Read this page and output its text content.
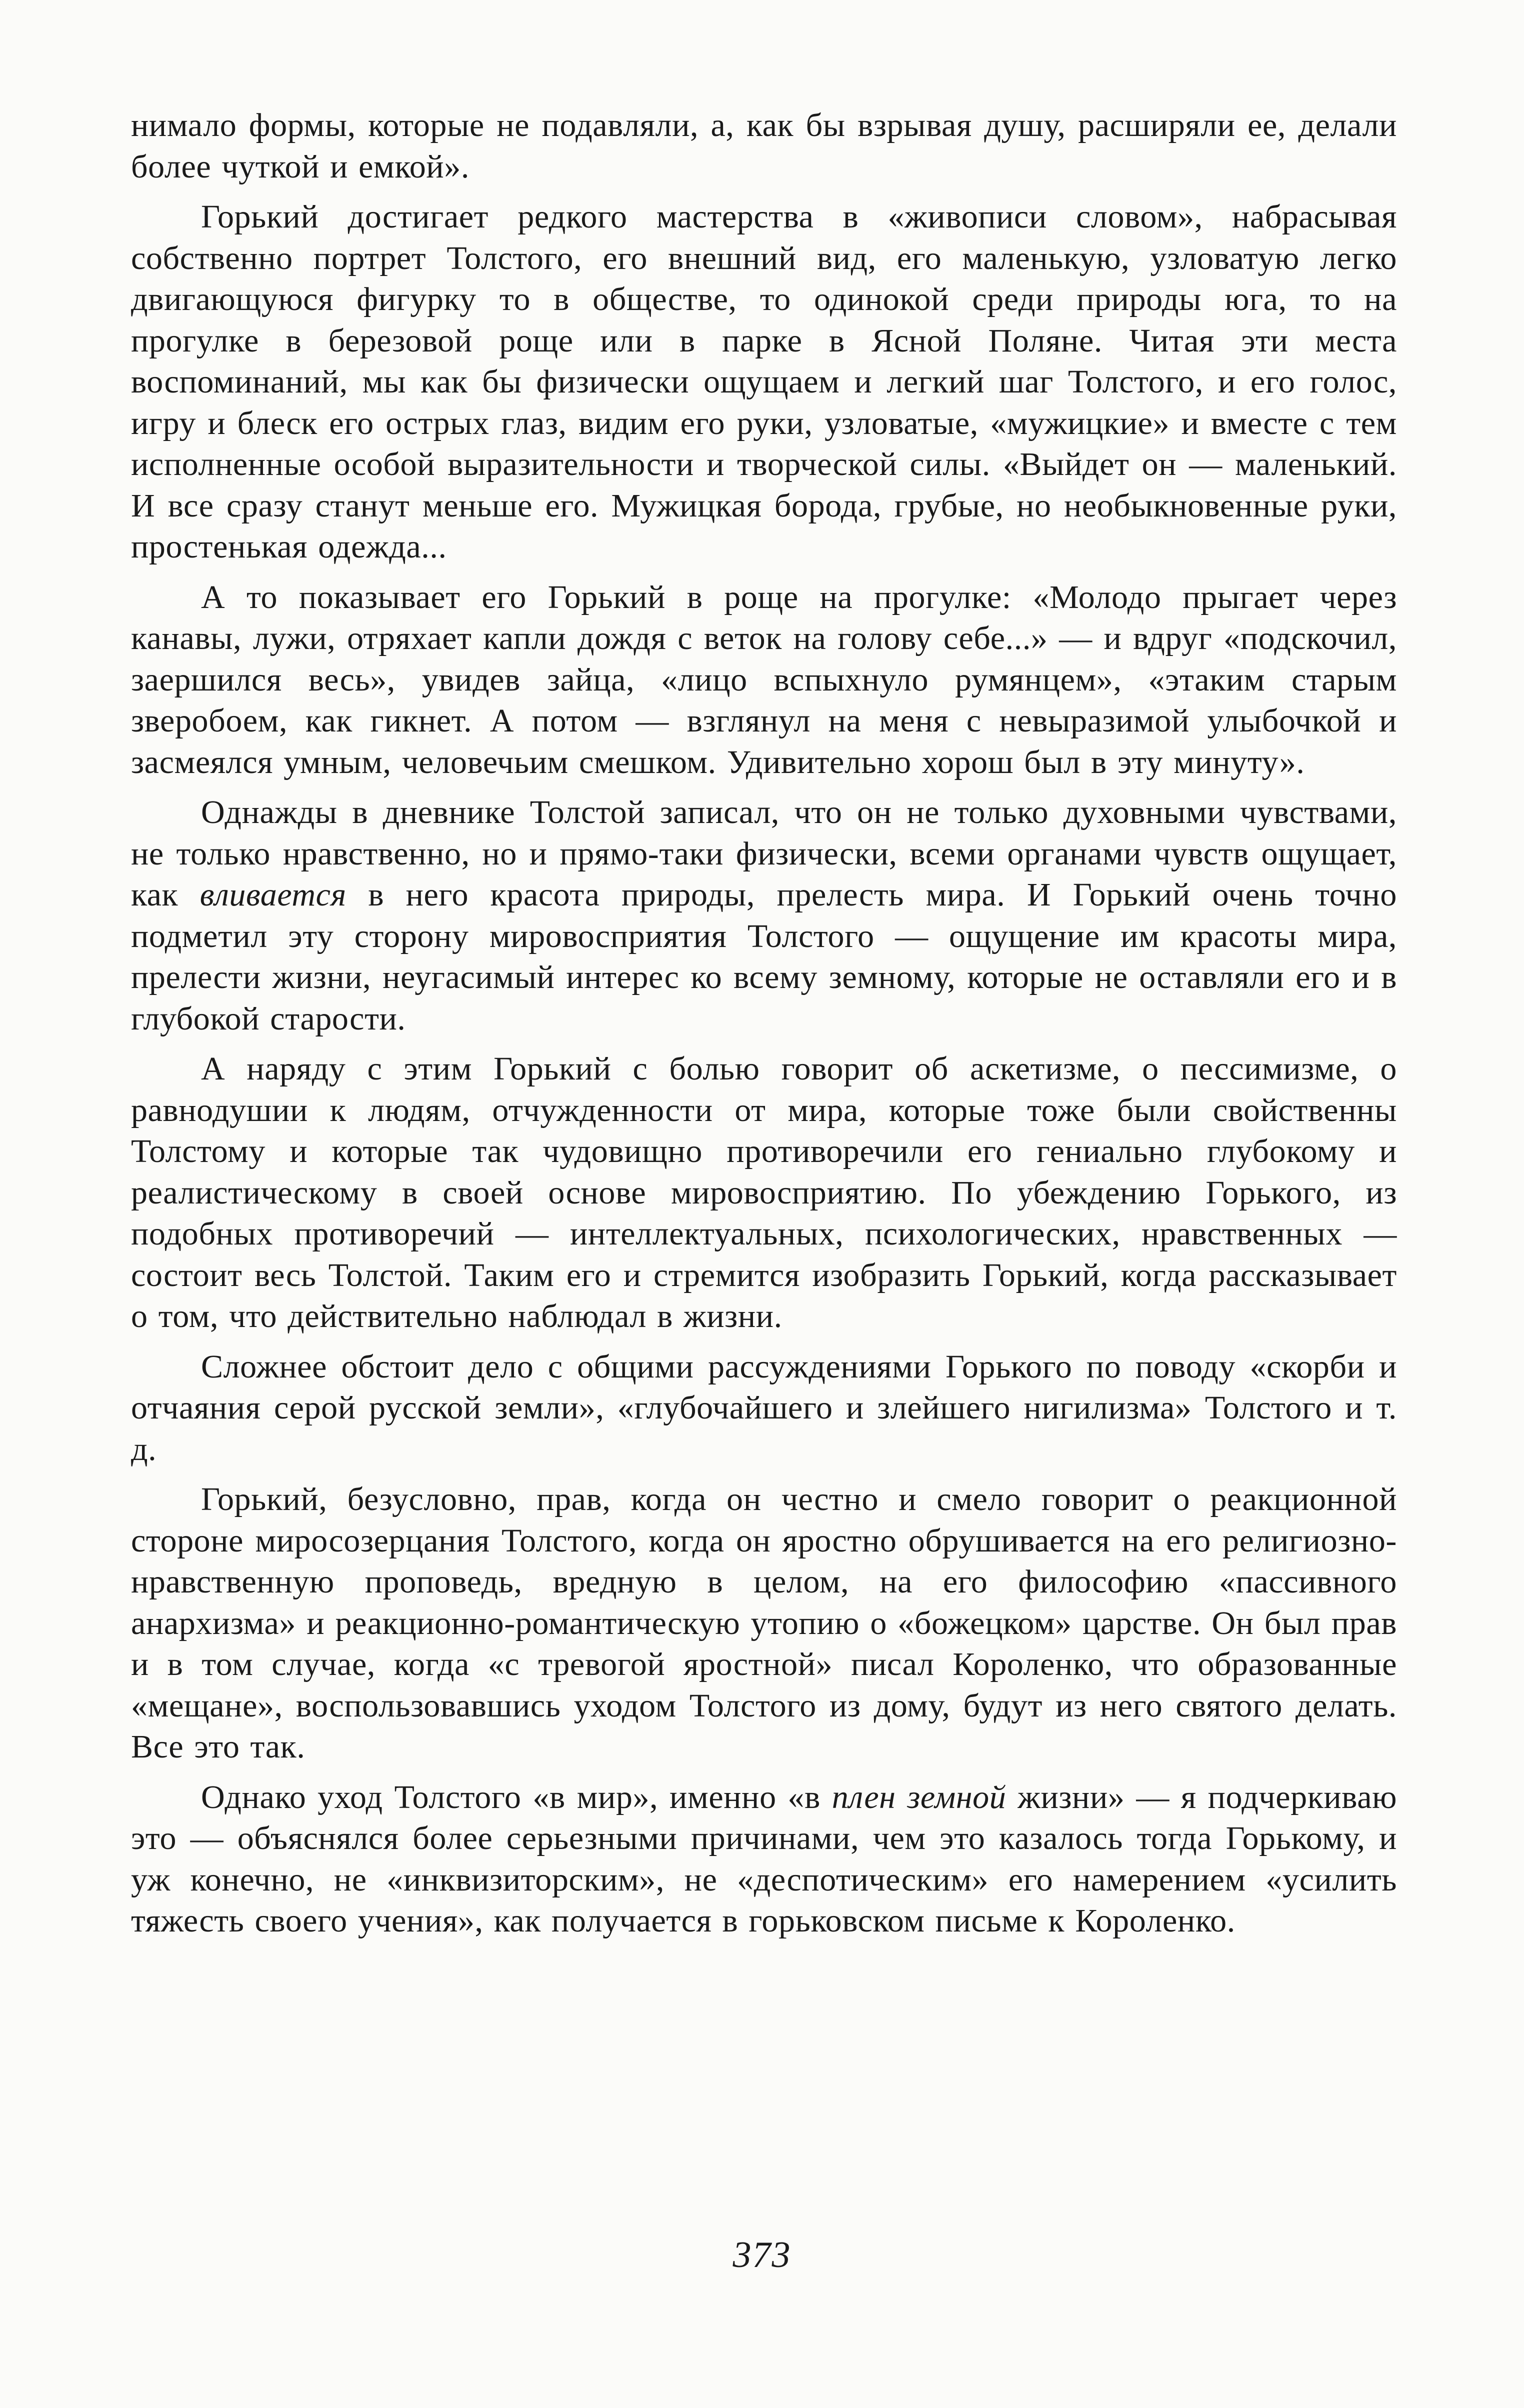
нимало формы, которые не подавляли, а, как бы взрывая душу, расширяли ее, делали более чуткой и емкой».

Горький достигает редкого мастерства в «живописи словом», набрасывая собственно портрет Толстого, его внешний вид, его маленькую, узловатую легко двигающуюся фигурку то в обществе, то одинокой среди природы юга, то на прогулке в березовой роще или в парке в Ясной Поляне. Читая эти места воспоминаний, мы как бы физически ощущаем и легкий шаг Толстого, и его голос, игру и блеск его острых глаз, видим его руки, узловатые, «мужицкие» и вместе с тем исполненные особой выразительности и творческой силы. «Выйдет он — маленький. И все сразу станут меньше его. Мужицкая борода, грубые, но необыкновенные руки, простенькая одежда...

А то показывает его Горький в роще на прогулке: «Молодо прыгает через канавы, лужи, отряхает капли дождя с веток на голову себе...» — и вдруг «подскочил, заершился весь», увидев зайца, «лицо вспыхнуло румянцем», «этаким старым зверобоем, как гикнет. А потом — взглянул на меня с невыразимой улыбочкой и засмеялся умным, человечьим смешком. Удивительно хорош был в эту минуту».

Однажды в дневнике Толстой записал, что он не только духовными чувствами, не только нравственно, но и прямо-таки физически, всеми органами чувств ощущает, как вливается в него красота природы, прелесть мира. И Горький очень точно подметил эту сторону мировосприятия Толстого — ощущение им красоты мира, прелести жизни, неугасимый интерес ко всему земному, которые не оставляли его и в глубокой старости.

А наряду с этим Горький с болью говорит об аскетизме, о пессимизме, о равнодушии к людям, отчужденности от мира, которые тоже были свойственны Толстому и которые так чудовищно противоречили его гениально глубокому и реалистическому в своей основе мировосприятию. По убеждению Горького, из подобных противоречий — интеллектуальных, психологических, нравственных — состоит весь Толстой. Таким его и стремится изобразить Горький, когда рассказывает о том, что действительно наблюдал в жизни.

Сложнее обстоит дело с общими рассуждениями Горького по поводу «скорби и отчаяния серой русской земли», «глубочайшего и злейшего нигилизма» Толстого и т. д.

Горький, безусловно, прав, когда он честно и смело говорит о реакционной стороне миросозерцания Толстого, когда он яростно обрушивается на его религиозно-нравственную проповедь, вредную в целом, на его философию «пассивного анархизма» и реакционно-романтическую утопию о «божецком» царстве. Он был прав и в том случае, когда «с тревогой яростной» писал Короленко, что образованные «мещане», воспользовавшись уходом Толстого из дому, будут из него святого делать. Все это так.

Однако уход Толстого «в мир», именно «в плен земной жизни» — я подчеркиваю это — объяснялся более серьезными причинами, чем это казалось тогда Горькому, и уж конечно, не «инквизиторским», не «деспотическим» его намерением «усилить тяжесть своего учения», как получается в горьковском письме к Короленко.

373
